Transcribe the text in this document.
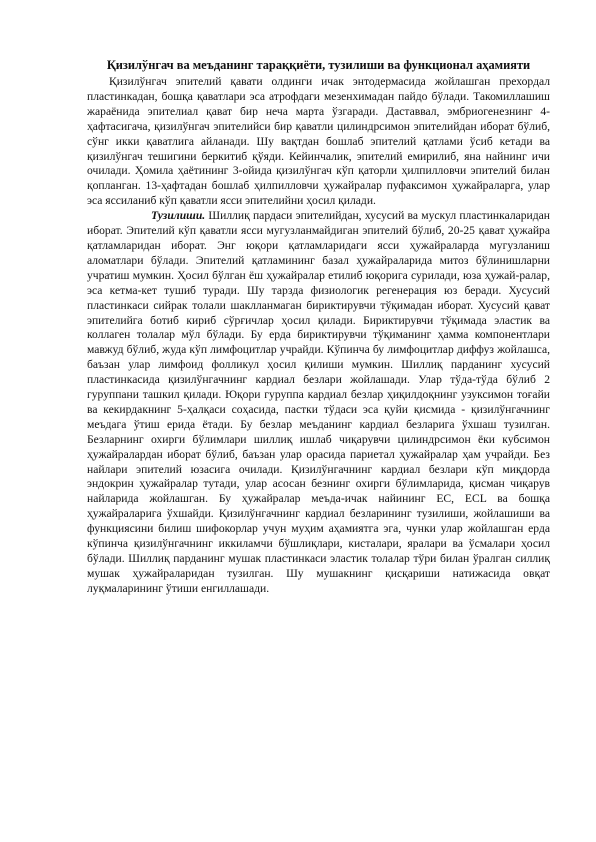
Қизилўнгач ва меъданинг тараққиёти, тузилиши ва функционал аҳамияти

Қизилўнгач эпителий қавати олдинги ичак энтодермасида жойлашган прехордал пластинкадан, бошқа қаватлари эса атрофдаги мезенхимадан пайдо бўлади. Такомиллашиш жараёнида эпителиал қават бир неча марта ўзгаради. Даставвал, эмбриогенезнинг 4-ҳафтасигача, қизилўнгач эпителийси бир қаватли цилиндрсимон эпителийдан иборат бўлиб, сўнг икки қаватлига айланади. Шу вақтдан бошлаб эпителий қатлами ўсиб кетади ва қизилўнгач тешигини беркитиб қўяди. Кейинчалик, эпителий емирилиб, яна найнинг ичи очилади. Ҳомила ҳаётининг 3-ойида қизилўнгач кўп қаторли ҳилпилловчи эпителий билан қопланган. 13-ҳафтадан бошлаб ҳилпилловчи ҳужайралар пуфаксимон ҳужайраларга, улар эса яссиланиб кўп қаватли ясси эпителийни ҳосил қилади.

Тузилиши. Шиллиқ пардаси эпителийдан, хусусий ва мускул пластинкаларидан иборат. Эпителий кўп қаватли ясси мугузланмайдиган эпителий бўлиб, 20-25 қават ҳужайра қатламларидан иборат. Энг юқори қатламларидаги ясси ҳужайраларда мугузланиш аломатлари бўлади. Эпителий қатламининг базал ҳужайраларида митоз бўлинишларни учратиш мумкин. Ҳосил бўлган ёш ҳужайралар етилиб юқорига сурилади, юза ҳужай-ралар, эса кетма-кет тушиб туради. Шу тарзда физиологик регенерация юз беради. Хусусий пластинкаси сийрак толали шаклланмаган бириктирувчи тўқимадан иборат. Хусусий қават эпителийга ботиб кириб сўрғичлар ҳосил қилади. Бириктирувчи тўқимада эластик ва коллаген толалар мўл бўлади. Бу ерда бириктирувчи тўқиманинг ҳамма компонентлари мавжуд бўлиб, жуда кўп лимфоцитлар учрайди. Кўпинча бу лимфоцитлар диффуз жойлашса, баъзан улар лимфоид фолликул ҳосил қилиши мумкин. Шиллиқ парданинг хусусий пластинкасида қизилўнгачнинг кардиал безлари жойлашади. Улар тўда-тўда бўлиб 2 гуруппани ташкил қилади. Юқори гуруппа кардиал безлар ҳиқилдоқнинг узуксимон тоғайи ва кекирдакнинг 5-ҳалқаси соҳасида, пастки тўдаси эса қуйи қисмида - қизилўнгачнинг меъдага ўтиш ерида ётади. Бу безлар меъданинг кардиал безларига ўхшаш тузилган. Безларнинг охирги бўлимлари шиллиқ ишлаб чиқарувчи цилиндрсимон ёки кубсимон ҳужайралардан иборат бўлиб, баъзан улар орасида париетал ҳужайралар ҳам учрайди. Без найлари эпителий юзасига очилади. Қизилўнгачнинг кардиал безлари кўп миқдорда эндокрин ҳужайралар тутади, улар асосан безнинг охирги бўлимларида, қисман чиқарув найларида жойлашган. Бу ҳужайралар меъда-ичак найининг ЕС, ЕСL ва бошқа ҳужайраларига ўхшайди. Қизилўнгачнинг кардиал безларининг тузилиши, жойлашиши ва функциясини билиш шифокорлар учун муҳим аҳамиятга эга, чунки улар жойлашган ерда кўпинча қизилўнгачнинг иккиламчи бўшлиқлари, кисталари, яралари ва ўсмалари ҳосил бўлади. Шиллиқ парданинг мушак пластинкаси эластик толалар тўри билан ўралган силлиқ мушак ҳужайраларидан тузилган. Шу мушакнинг қисқариши натижасида овқат луқмаларининг ўтиши енгиллашади.
